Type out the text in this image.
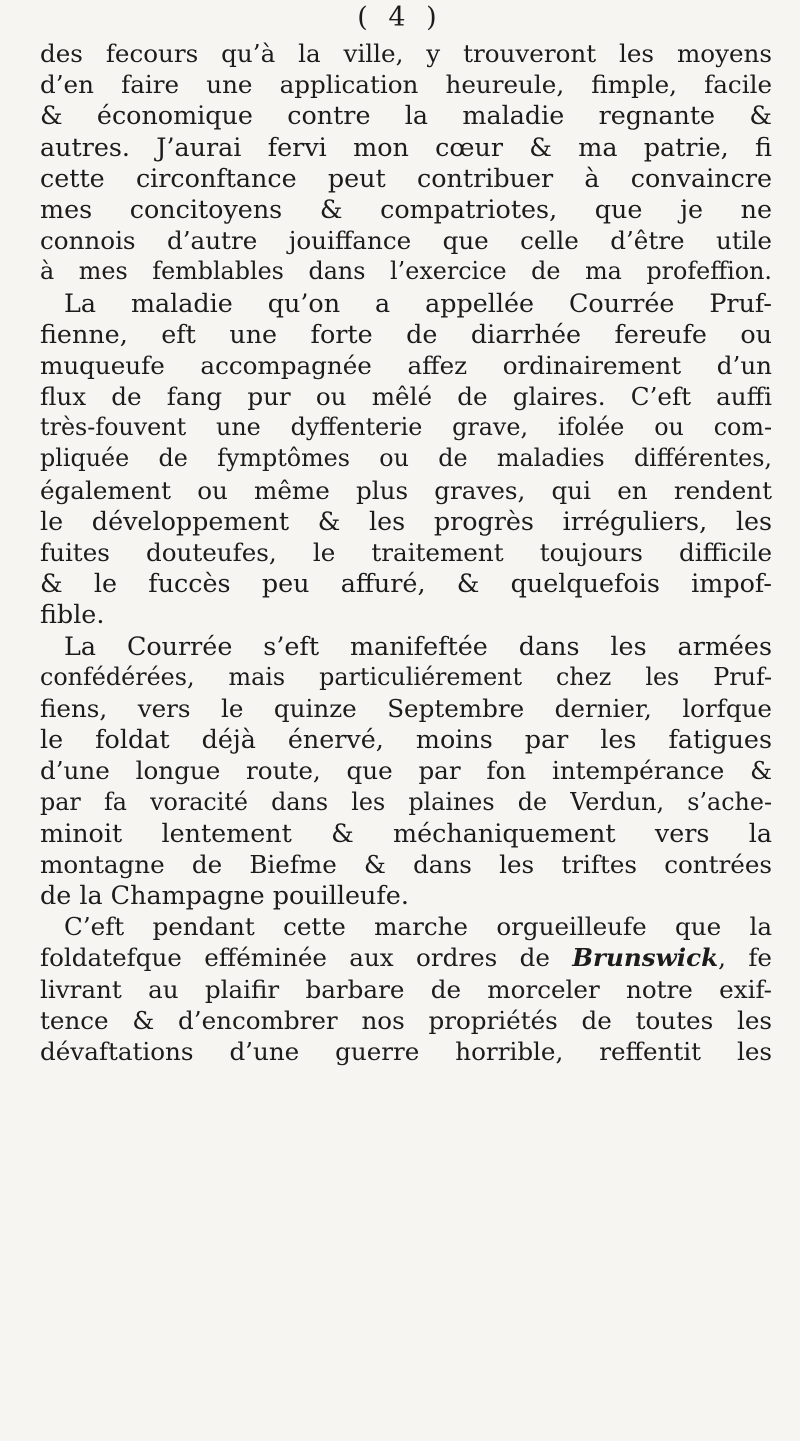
( 4 )
des fecours qu’à la ville, y trouveront les moyens
d’en faire une application heureule, fimple, facile
& économique contre la maladie regnante &
autres. J’aurai fervi mon cœur & ma patrie, fi
cette circonftance peut contribuer à convaincre
mes concitoyens & compatriotes, que je ne
connois d’autre jouiffance que celle d’être utile
à mes femblables dans l’exercice de ma profeffion.
La maladie qu’on a appellée Courrée Pruf-
fienne, eft une forte de diarrhée fereufe ou
muqueufe accompagnée affez ordinairement d’un
flux de fang pur ou mêlé de glaires. C’eft auffi
très-fouvent une dyffenterie grave, ifolée ou com-
pliquée de fymptômes ou de maladies différentes,
également ou même plus graves, qui en rendent
le développement & les progrès irréguliers, les
fuites douteufes, le traitement toujours difficile
& le fuccès peu affuré, & quelquefois impof-
fible.
La Courrée s’eft manifeftée dans les armées
confédérées, mais particuliérement chez les Pruf-
fiens, vers le quinze Septembre dernier, lorfque
le foldat déjà énervé, moins par les fatigues
d’une longue route, que par fon intempérance &
par fa voracité dans les plaines de Verdun, s’ache-
minoit lentement & méchaniquement vers la
montagne de Biefme & dans les triftes contrées
de la Champagne pouilleufe.
C’eft pendant cette marche orgueilleufe que la
foldatefque efféminée aux ordres de Brunswick, fe
livrant au plaifir barbare de morceler notre exif-
tence & d’encombrer nos propriétés de toutes les
dévaftations d’une guerre horrible, reffentit les
